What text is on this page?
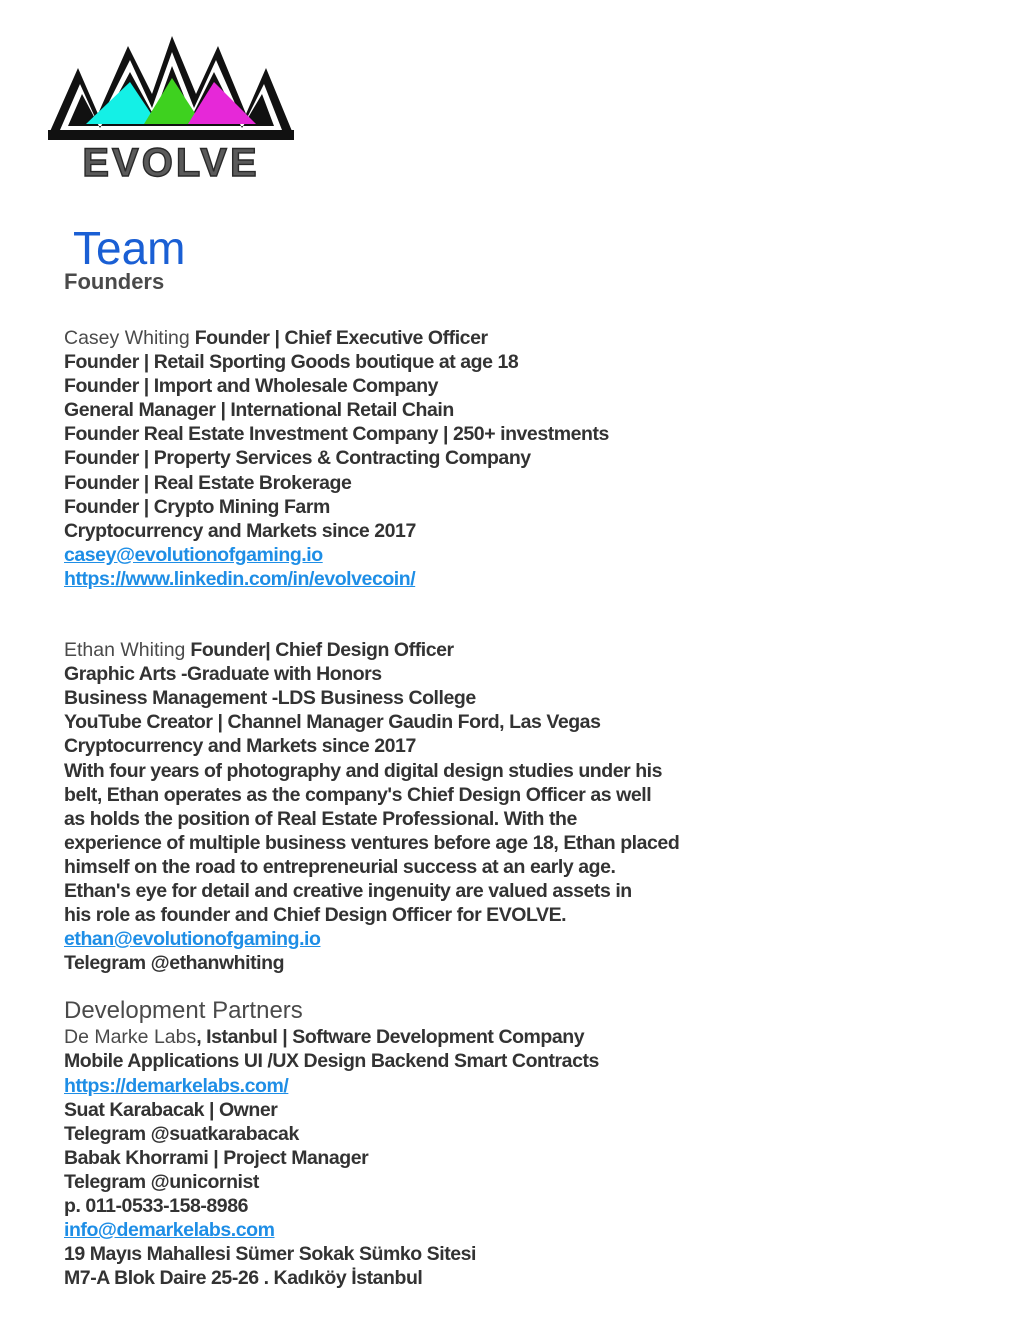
EVOLVE
Team
Founders
Casey Whiting Founder | Chief Executive Officer
Founder | Retail Sporting Goods boutique at age 18
Founder | Import and Wholesale Company
General Manager | International Retail Chain
Founder Real Estate Investment Company | 250+ investments
Founder | Property Services & Contracting Company
Founder | Real Estate Brokerage
Founder | Crypto Mining Farm
Cryptocurrency and Markets since 2017
casey@evolutionofgaming.io
https://www.linkedin.com/in/evolvecoin/
Ethan Whiting Founder| Chief Design Officer
Graphic Arts -Graduate with Honors
Business Management -LDS Business College
YouTube Creator | Channel Manager Gaudin Ford, Las Vegas
Cryptocurrency and Markets since 2017
With four years of photography and digital design studies under his
belt, Ethan operates as the company's Chief Design Officer as well
as holds the position of Real Estate Professional. With the
experience of multiple business ventures before age 18, Ethan placed
himself on the road to entrepreneurial success at an early age.
Ethan's eye for detail and creative ingenuity are valued assets in
his role as founder and Chief Design Officer for EVOLVE.
ethan@evolutionofgaming.io
Telegram @ethanwhiting
Development Partners
De Marke Labs, Istanbul | Software Development Company
Mobile Applications UI /UX Design Backend Smart Contracts
https://demarkelabs.com/
Suat Karabacak | Owner
Telegram @suatkarabacak
Babak Khorrami | Project Manager
Telegram @unicornist
p. 011-0533-158-8986
info@demarkelabs.com
19 Mayıs Mahallesi Sümer Sokak Sümko Sitesi
M7-A Blok Daire 25-26 . Kadıköy İstanbul
